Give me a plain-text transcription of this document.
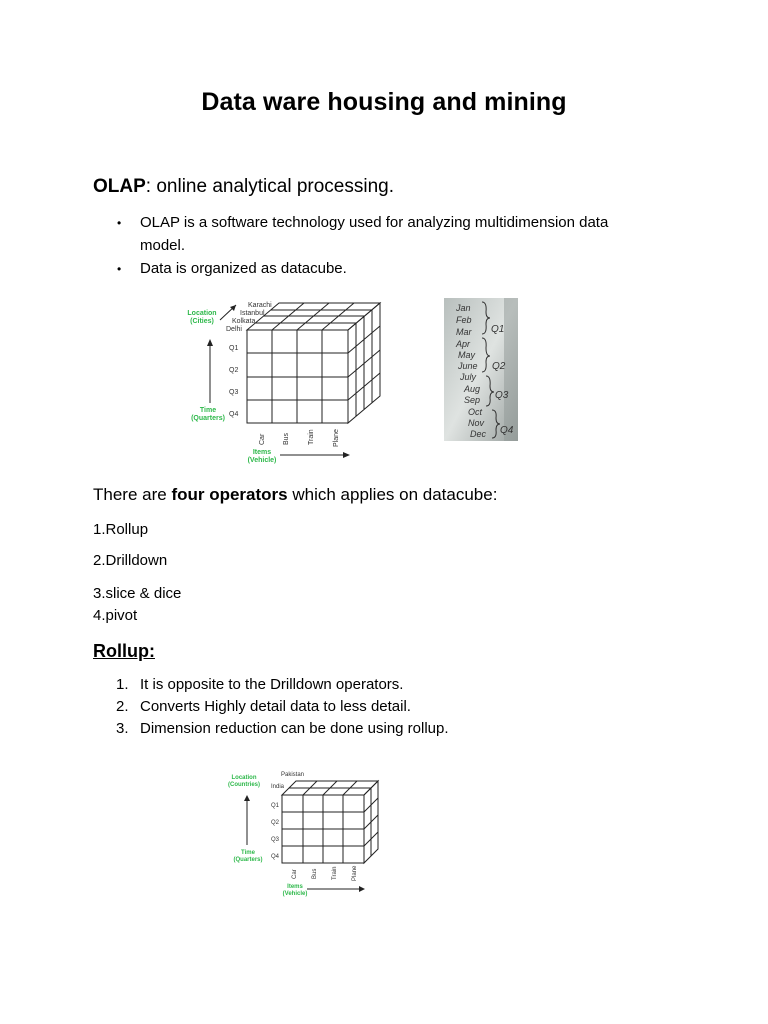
Data ware housing and mining
OLAP: online analytical processing.
• OLAP is a software technology used for analyzing multidimension data
model.
• Data is organized as datacube.
Location
(Cities)
Karachi
Istanbul
Kolkata
Delhi
Q1
Q2
Q3
Q4
Time
(Quarters)
Car Bus	Train	Plane
Items
(Vehicle)
Jan
Feb
Mar
Apr
May
June
July
Aug
Sep
Oct
Nov
Dec
Q1
Q2
Q3
Q4
There are four operators which applies on datacube:
1.Rollup
2.Drilldown
3.slice & dice
4.pivot
Rollup:
1. It is opposite to the Drilldown operators.
2. Converts Highly detail data to less detail.
3. Dimension reduction can be done using rollup.
Location
(Countries)
Pakistan
India
Q1
Q2
Q3
Q4
Time
(Quarters)
Car Bus Train Plane
Items
(Vehicle)
